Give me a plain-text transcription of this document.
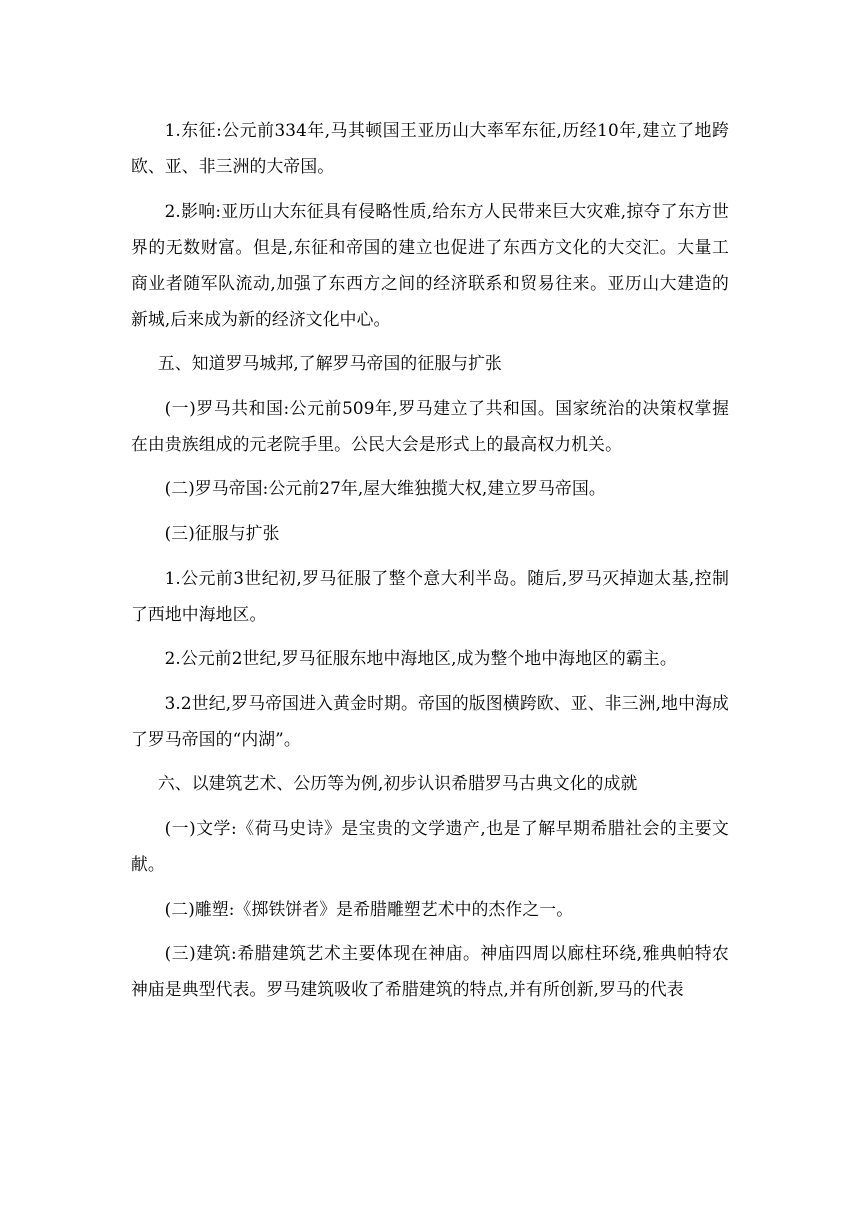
1.东征:公元前334年,马其顿国王亚历山大率军东征,历经10年,建立了地跨欧、亚、非三洲的大帝国。

2.影响:亚历山大东征具有侵略性质,给东方人民带来巨大灾难,掠夺了东方世界的无数财富。但是,东征和帝国的建立也促进了东西方文化的大交汇。大量工商业者随军队流动,加强了东西方之间的经济联系和贸易往来。亚历山大建造的新城,后来成为新的经济文化中心。

五、知道罗马城邦,了解罗马帝国的征服与扩张

(一)罗马共和国:公元前509年,罗马建立了共和国。国家统治的决策权掌握在由贵族组成的元老院手里。公民大会是形式上的最高权力机关。

(二)罗马帝国:公元前27年,屋大维独揽大权,建立罗马帝国。

(三)征服与扩张

1.公元前3世纪初,罗马征服了整个意大利半岛。随后,罗马灭掉迦太基,控制了西地中海地区。

2.公元前2世纪,罗马征服东地中海地区,成为整个地中海地区的霸主。

3.2世纪,罗马帝国进入黄金时期。帝国的版图横跨欧、亚、非三洲,地中海成了罗马帝国的“内湖”。

六、以建筑艺术、公历等为例,初步认识希腊罗马古典文化的成就

(一)文学:《荷马史诗》是宝贵的文学遗产,也是了解早期希腊社会的主要文献。

(二)雕塑:《掷铁饼者》是希腊雕塑艺术中的杰作之一。

(三)建筑:希腊建筑艺术主要体现在神庙。神庙四周以廊柱环绕,雅典帕特农神庙是典型代表。罗马建筑吸收了希腊建筑的特点,并有所创新,罗马的代表
